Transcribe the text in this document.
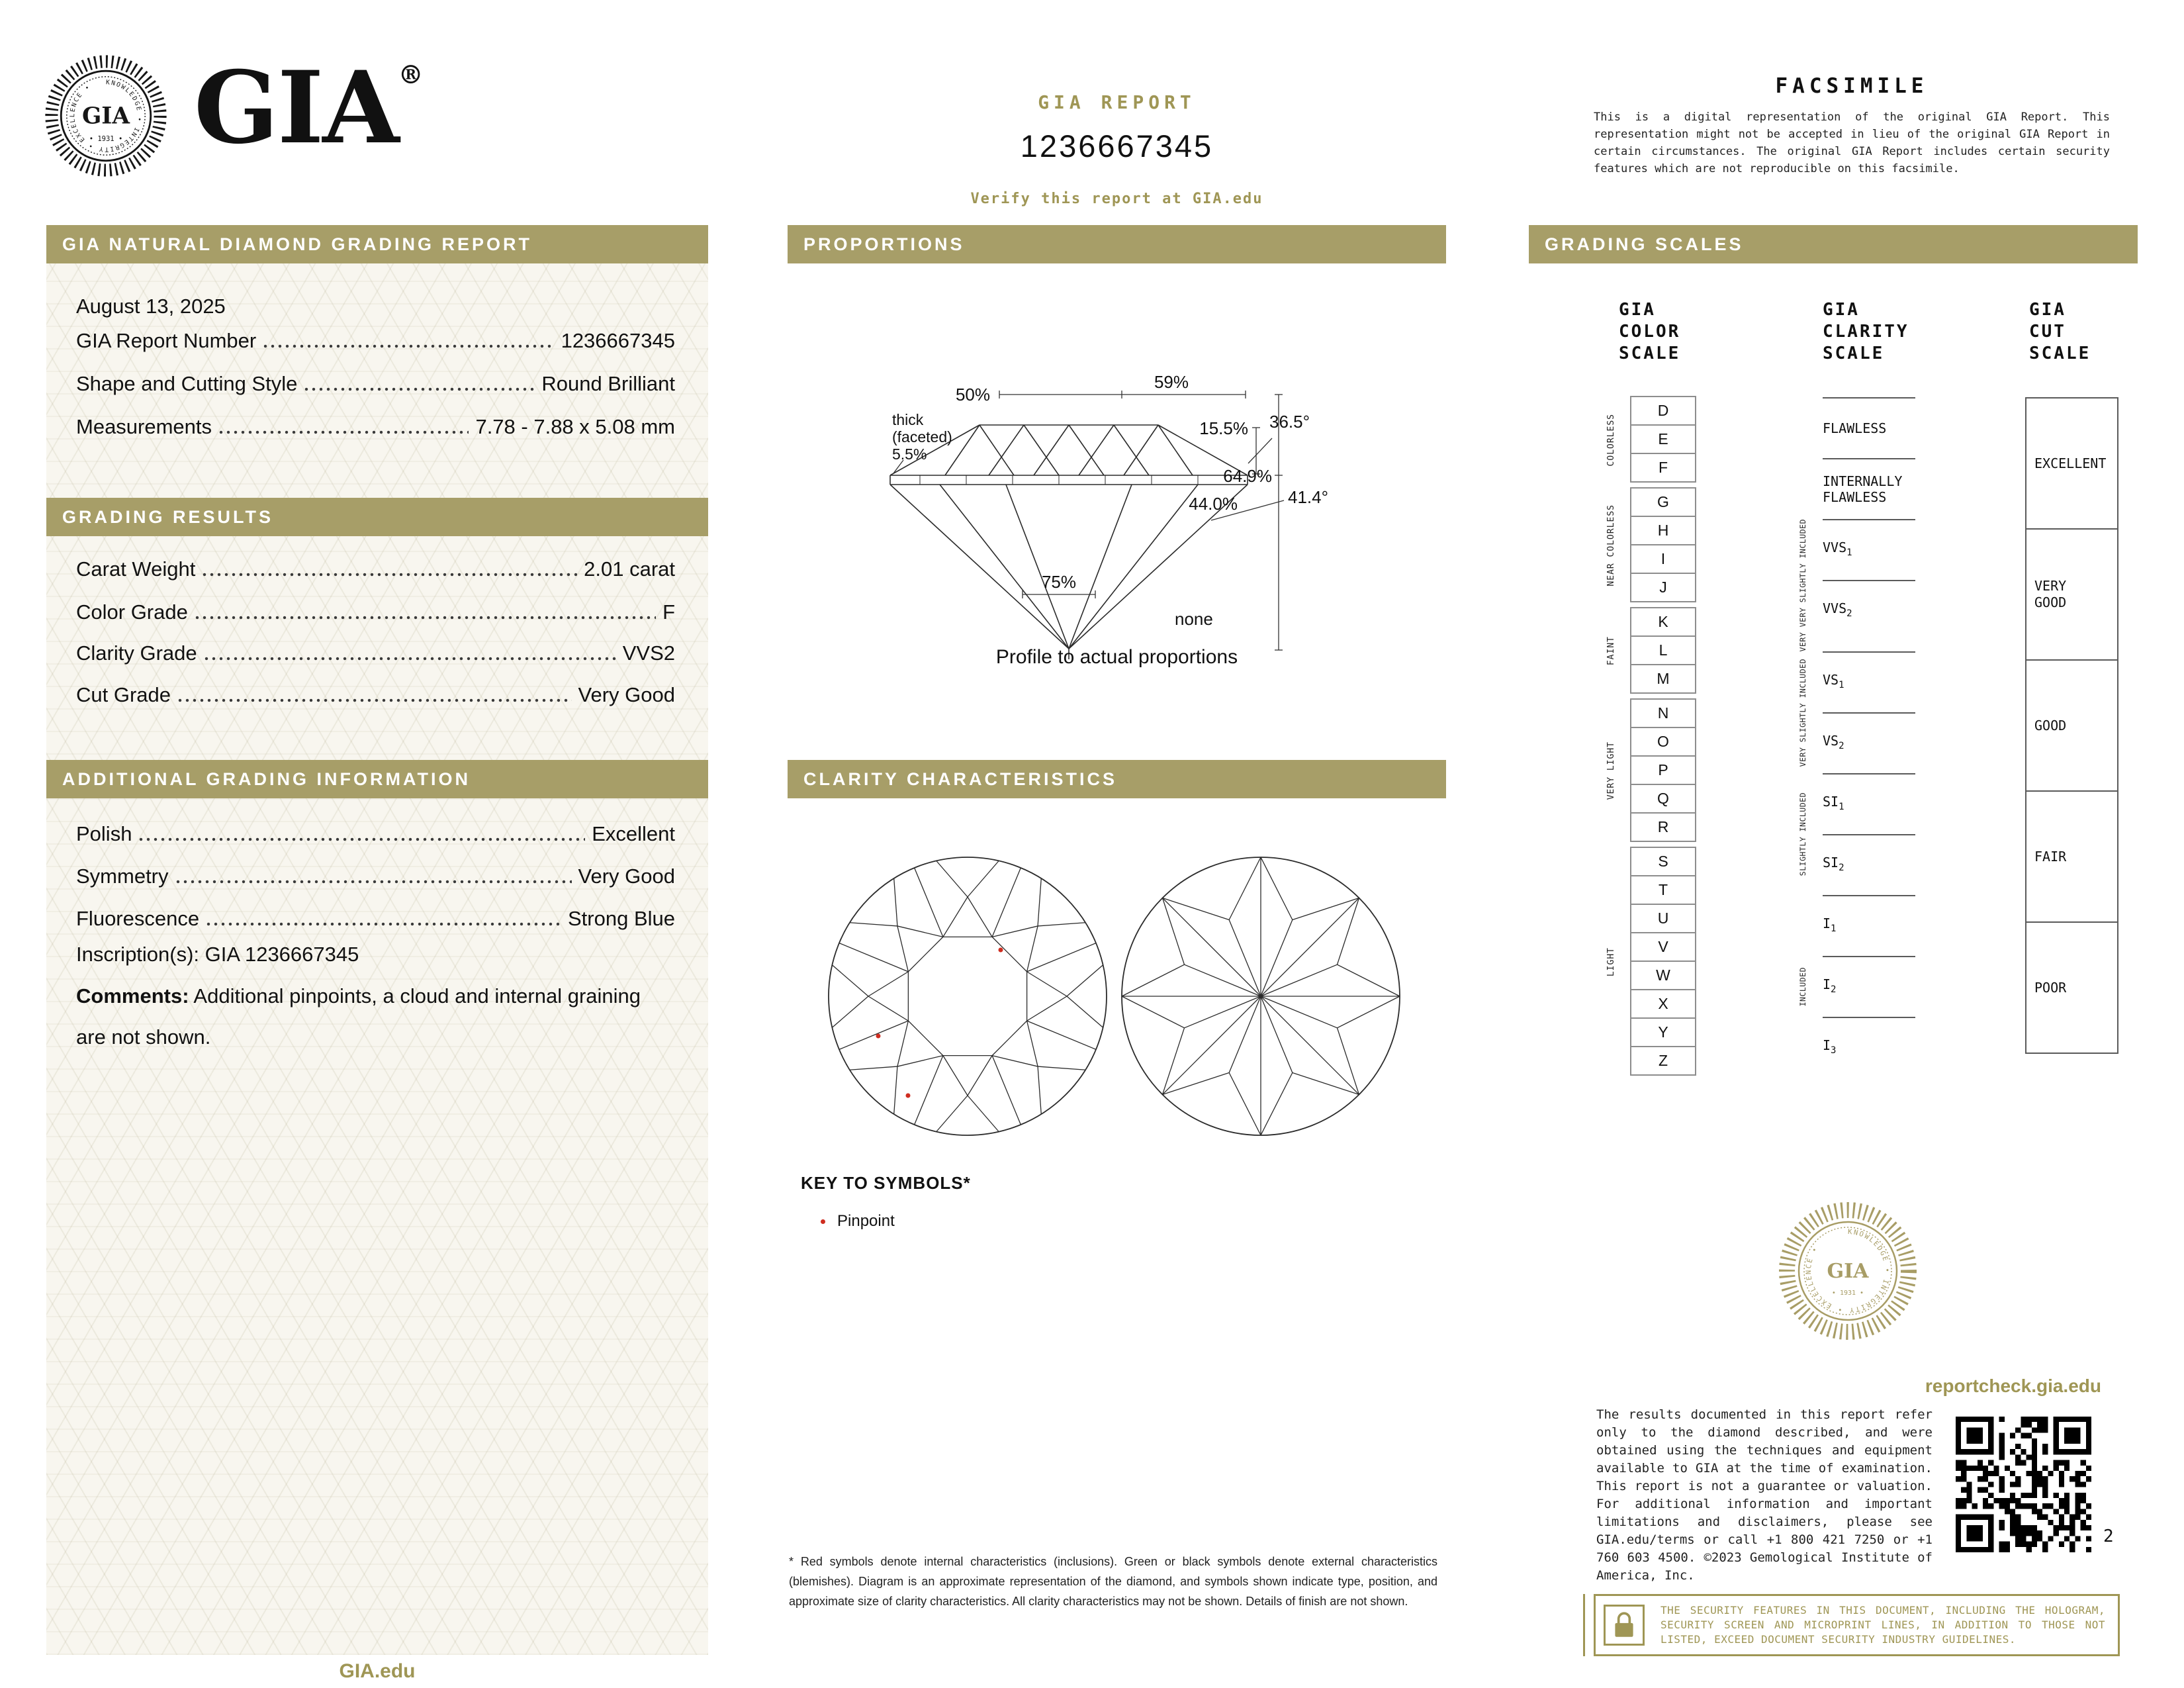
KNOWLEDGE • INTEGRITY • EXCELLENCE •
GIA
• 1931 • GIA®
GIA REPORT
1236667345
Verify this report at GIA.edu
FACSIMILE
This is a digital representation of the original GIA Report. This representation might not be accepted in lieu of the original GIA Report in certain circumstances. The original GIA Report includes certain security features which are not reproducible on this facsimile.
GIA NATURAL DIAMOND GRADING REPORT
August 13, 2025
GIA Report Number	1236667345
Shape and Cutting Style	Round Brilliant
Measurements	7.78 - 7.88 x 5.08 mm
GRADING RESULTS
Carat Weight	2.01 carat
Color Grade	F
Clarity Grade	VVS2
Cut Grade	Very Good
ADDITIONAL GRADING INFORMATION
Polish	Excellent
Symmetry	Very Good
Fluorescence	Strong Blue
Inscription(s): GIA 1236667345
Comments: Additional pinpoints, a cloud and internal graining are not shown.
GIA.edu
PROPORTIONS
50%
59%
thick
(faceted)
5.5%
15.5% 36.5°
64.9%
44.0%	41.4°
75%
none
Profile to actual proportions
CLARITY CHARACTERISTICS
KEY TO SYMBOLS*
Pinpoint
* Red symbols denote internal characteristics (inclusions). Green or black symbols denote external characteristics (blemishes). Diagram is an approximate representation of the diamond, and symbols shown indicate type, position, and approximate size of clarity characteristics. All clarity characteristics may not be shown. Details of finish are not shown.
GRADING SCALES
GIA
COLOR
SCALE
COLORLESS
D
E
F
NEAR COLORLESS
G
H
I
J
FAINT
K
L
M
VERY LIGHT
N
O
P
Q
R
LIGHT
S
T
U
V
W
X
Y
Z
GIA
CLARITY
SCALE
FLAWLESS
INTERNALLY FLAWLESS
VERY VERY SLIGHTLY INCLUDED $VVS_1$
$VVS_2$
VERY SLIGHTLY INCLUDED $VS_1$
$VS_2$
SLIGHTLY INCLUDED $SI_1$
$SI_2$
INCLUDED
$I_1$
$I_2$
$I_3$
GIA
CUT
SCALE
EXCELLENT
VERY GOOD
GOOD
FAIR
POOR
KNOWLEDGE • INTEGRITY • EXCELLENCE •
GIA
• 1931 •
reportcheck.gia.edu
The results documented in this report refer only to the diamond described, and were obtained using the techniques and equipment available to GIA at the time of examination. This report is not a guarantee or valuation. For additional information and important limitations and disclaimers, please see GIA.edu/terms or call +1 800 421 7250 or +1 760 603 4500. ©2023 Gemological Institute of America, Inc.
2
THE SECURITY FEATURES IN THIS DOCUMENT, INCLUDING THE HOLOGRAM, SECURITY SCREEN AND MICROPRINT LINES, IN ADDITION TO THOSE NOT LISTED, EXCEED DOCUMENT SECURITY INDUSTRY GUIDELINES.
